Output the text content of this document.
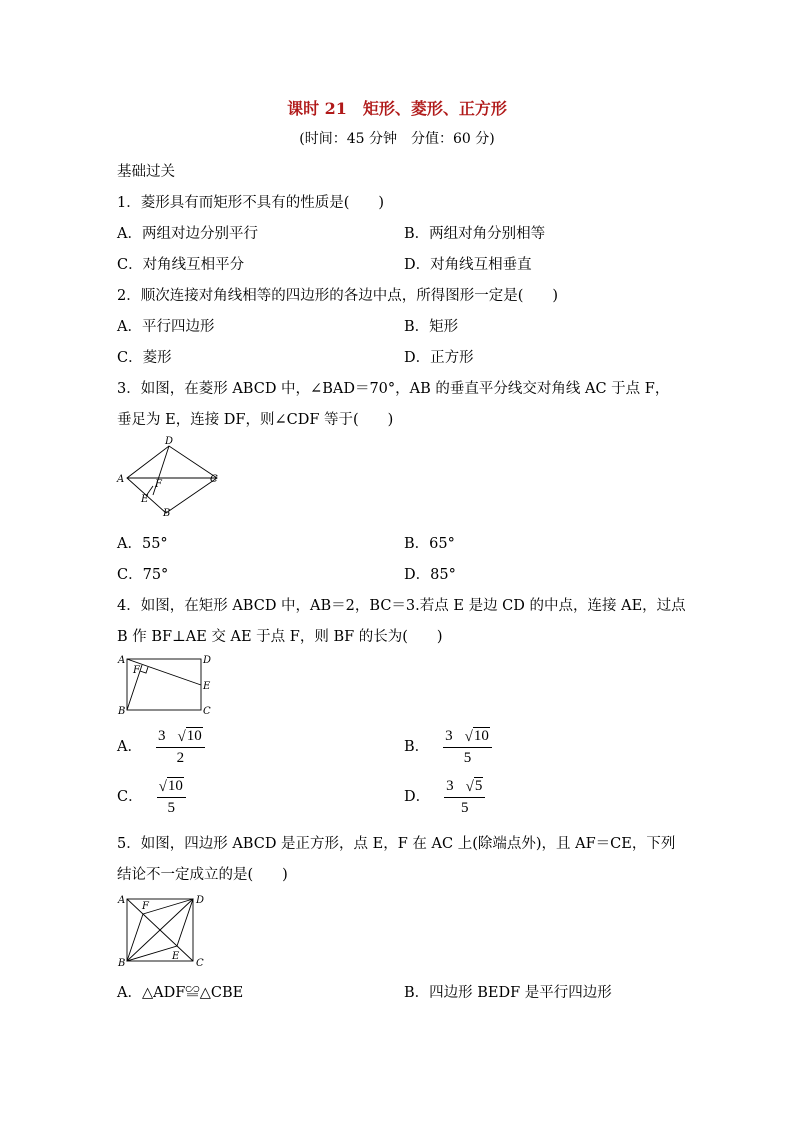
课时 21　矩形、菱形、正方形
(时间：45 分钟　分值：60 分)
基础过关
1．菱形具有而矩形不具有的性质是(　　)
A．两组对边分别平行	B．两组对角分别相等
C．对角线互相平分	D．对角线互相垂直
2．顺次连接对角线相等的四边形的各边中点，所得图形一定是(　　)
A．平行四边形	B．矩形
C．菱形	D．正方形
3．如图，在菱形 ABCD 中，∠BAD＝70°，AB 的垂直平分线交对角线 AC 于点 F，
垂足为 E，连接 DF，则∠CDF 等于(　　)
A
D
C
B
E
F
A．55°	B．65°
C．75°	D．85°
4．如图，在矩形 ABCD 中，AB＝2，BC＝3.若点 E 是边 CD 的中点，连接 AE，过点
B 作 BF⊥AE 交 AE 于点 F，则 BF 的长为(　　)
A	D
E
C
B
F
A． $\frac{3 √ 10}{2}$	B． $\frac{3 √ 10}{5}$
C． $\frac{√ 10}{5}$	D． $\frac{3 √ 5}{5}$
5．如图，四边形 ABCD 是正方形，点 E，F 在 AC 上(除端点外)，且 AF＝CE，下列
结论不一定成立的是(　　)
A	D
B	C
F
E
A．△ADF≌△CBE	B．四边形 BEDF 是平行四边形
